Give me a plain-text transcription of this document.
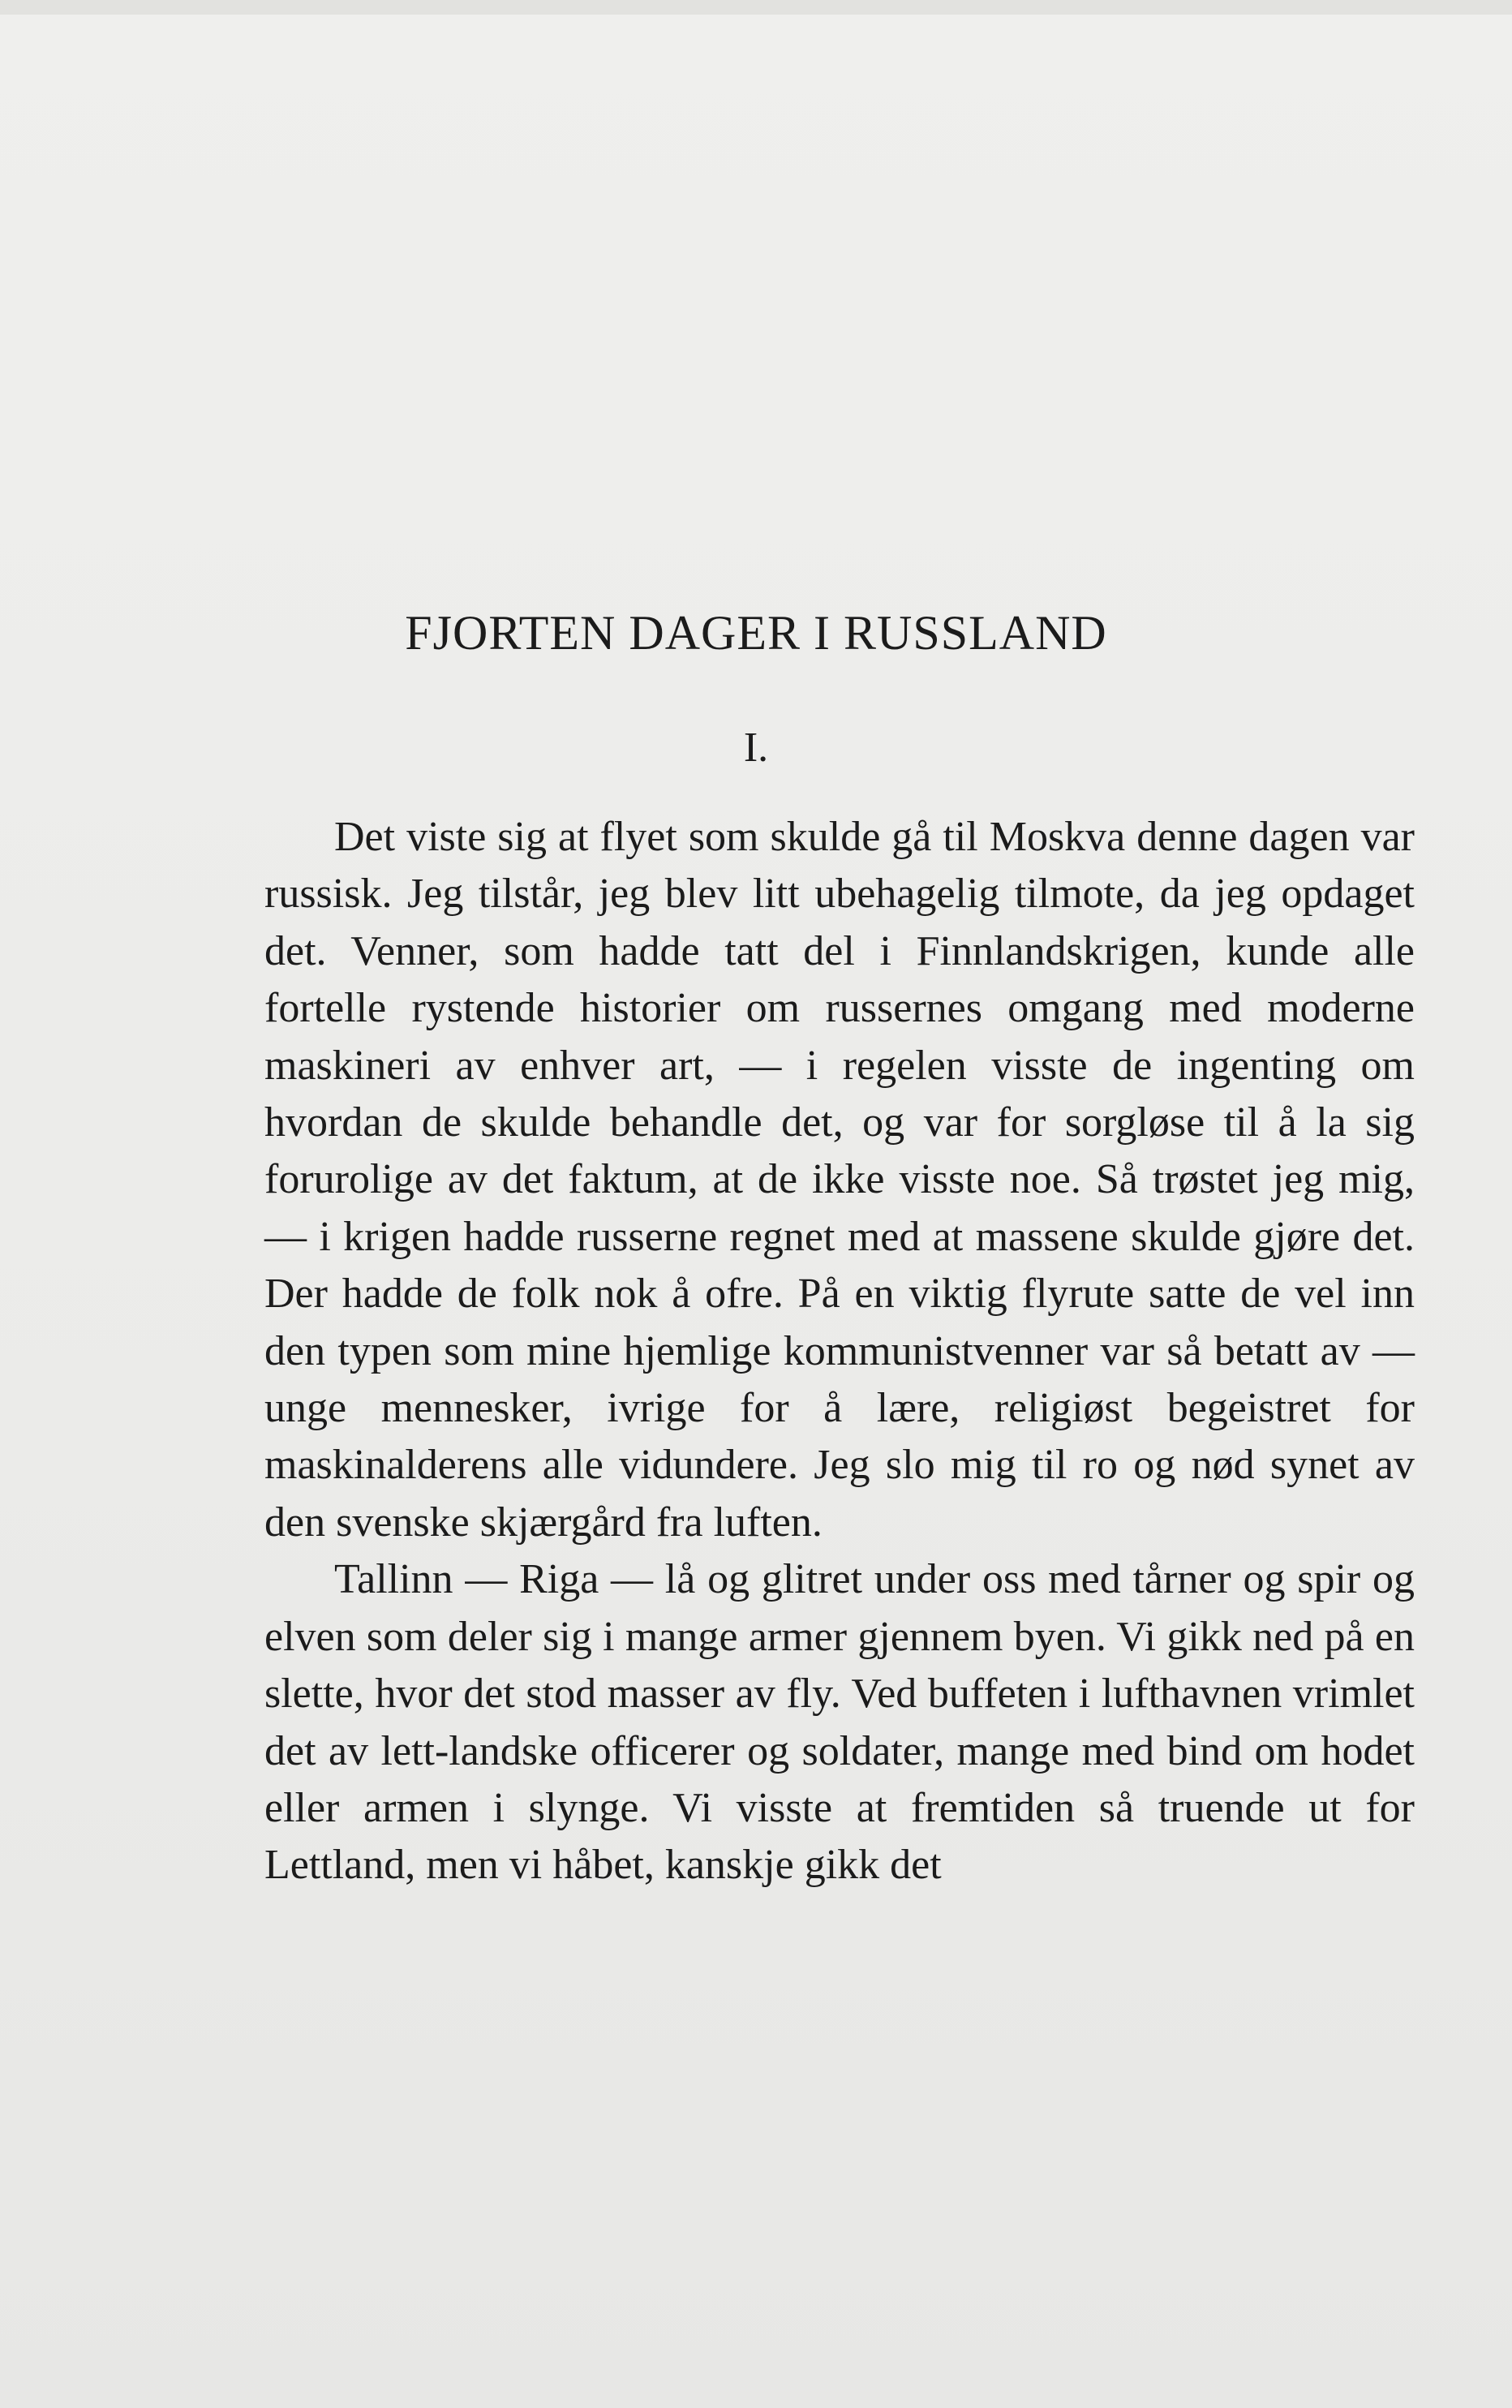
FJORTEN DAGER I RUSSLAND
I.

Det viste sig at flyet som skulde gå til Moskva denne dagen var russisk. Jeg tilstår, jeg blev litt ubehagelig tilmote, da jeg opdaget det. Venner, som hadde tatt del i Finnlandskrigen, kunde alle fortelle rystende historier om russernes omgang med moderne maskineri av enhver art, — i regelen visste de ingenting om hvordan de skulde behandle det, og var for sorgløse til å la sig forurolige av det faktum, at de ikke visste noe. Så trøstet jeg mig, — i krigen hadde russerne regnet med at massene skulde gjøre det. Der hadde de folk nok å ofre. På en viktig flyrute satte de vel inn den typen som mine hjemlige kommunistvenner var så betatt av — unge mennesker, ivrige for å lære, religiøst begeistret for maskinalderens alle vidundere. Jeg slo mig til ro og nød synet av den svenske skjærgård fra luften.

Tallinn — Riga — lå og glitret under oss med tårner og spir og elven som deler sig i mange armer gjennem byen. Vi gikk ned på en slette, hvor det stod masser av fly. Ved buffeten i lufthavnen vrimlet det av lett-landske officerer og soldater, mange med bind om hodet eller armen i slynge. Vi visste at fremtiden så truende ut for Lettland, men vi håbet, kanskje gikk det
